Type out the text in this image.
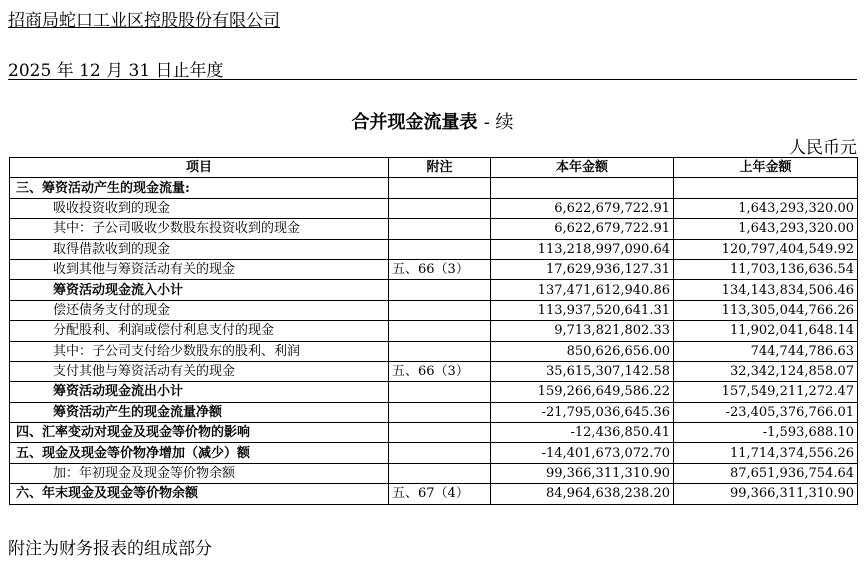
招商局蛇口工业区控股股份有限公司
2025 年 12 月 31 日止年度
合并现金流量表 - 续
人民币元
项目	附注	本年金额	上年金额
三、筹资活动产生的现金流量:			
吸收投资收到的现金		6,622,679,722.91	1,643,293,320.00
其中：子公司吸收少数股东投资收到的现金		6,622,679,722.91	1,643,293,320.00
取得借款收到的现金		113,218,997,090.64	120,797,404,549.92
收到其他与筹资活动有关的现金	五、66（3）	17,629,936,127.31	11,703,136,636.54
筹资活动现金流入小计		137,471,612,940.86	134,143,834,506.46
偿还债务支付的现金		113,937,520,641.31	113,305,044,766.26
分配股利、利润或偿付利息支付的现金		9,713,821,802.33	11,902,041,648.14
其中：子公司支付给少数股东的股利、利润		850,626,656.00	744,744,786.63
支付其他与筹资活动有关的现金	五、66（3）	35,615,307,142.58	32,342,124,858.07
筹资活动现金流出小计		159,266,649,586.22	157,549,211,272.47
筹资活动产生的现金流量净额		-21,795,036,645.36	-23,405,376,766.01
四、汇率变动对现金及现金等价物的影响		-12,436,850.41	-1,593,688.10
五、现金及现金等价物净增加（减少）额		-14,401,673,072.70	11,714,374,556.26
加：年初现金及现金等价物余额		99,366,311,310.90	87,651,936,754.64
六、年末现金及现金等价物余额	五、67（4）	84,964,638,238.20	99,366,311,310.90
附注为财务报表的组成部分
